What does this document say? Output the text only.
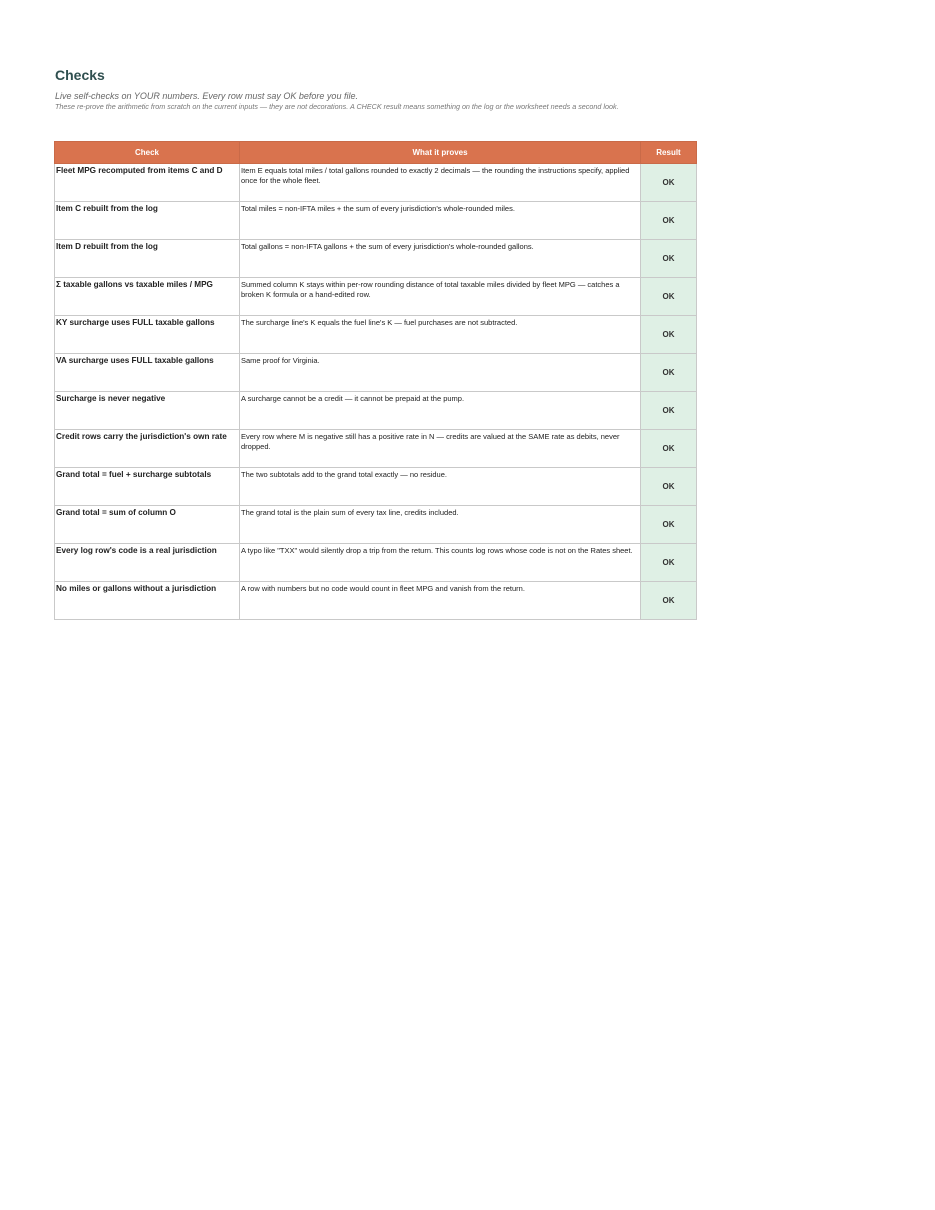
Checks
Live self-checks on YOUR numbers. Every row must say OK before you file.
These re-prove the arithmetic from scratch on the current inputs — they are not decorations. A CHECK result means something on the log or the worksheet needs a second look.
Check	What it proves	Result
Fleet MPG recomputed from items C and D	Item E equals total miles / total gallons rounded to exactly 2 decimals — the rounding the instructions specify, applied once for the whole fleet.	OK
Item C rebuilt from the log	Total miles = non-IFTA miles + the sum of every jurisdiction's whole-rounded miles.	OK
Item D rebuilt from the log	Total gallons = non-IFTA gallons + the sum of every jurisdiction's whole-rounded gallons.	OK
Σ taxable gallons vs taxable miles / MPG	Summed column K stays within per-row rounding distance of total taxable miles divided by fleet MPG — catches a broken K formula or a hand-edited row.	OK
KY surcharge uses FULL taxable gallons	The surcharge line's K equals the fuel line's K — fuel purchases are not subtracted.	OK
VA surcharge uses FULL taxable gallons	Same proof for Virginia.	OK
Surcharge is never negative	A surcharge cannot be a credit — it cannot be prepaid at the pump.	OK
Credit rows carry the jurisdiction's own rate	Every row where M is negative still has a positive rate in N — credits are valued at the SAME rate as debits, never dropped.	OK
Grand total = fuel + surcharge subtotals	The two subtotals add to the grand total exactly — no residue.	OK
Grand total = sum of column O	The grand total is the plain sum of every tax line, credits included.	OK
Every log row's code is a real jurisdiction	A typo like "TXX" would silently drop a trip from the return. This counts log rows whose code is not on the Rates sheet.	OK
No miles or gallons without a jurisdiction	A row with numbers but no code would count in fleet MPG and vanish from the return.	OK
